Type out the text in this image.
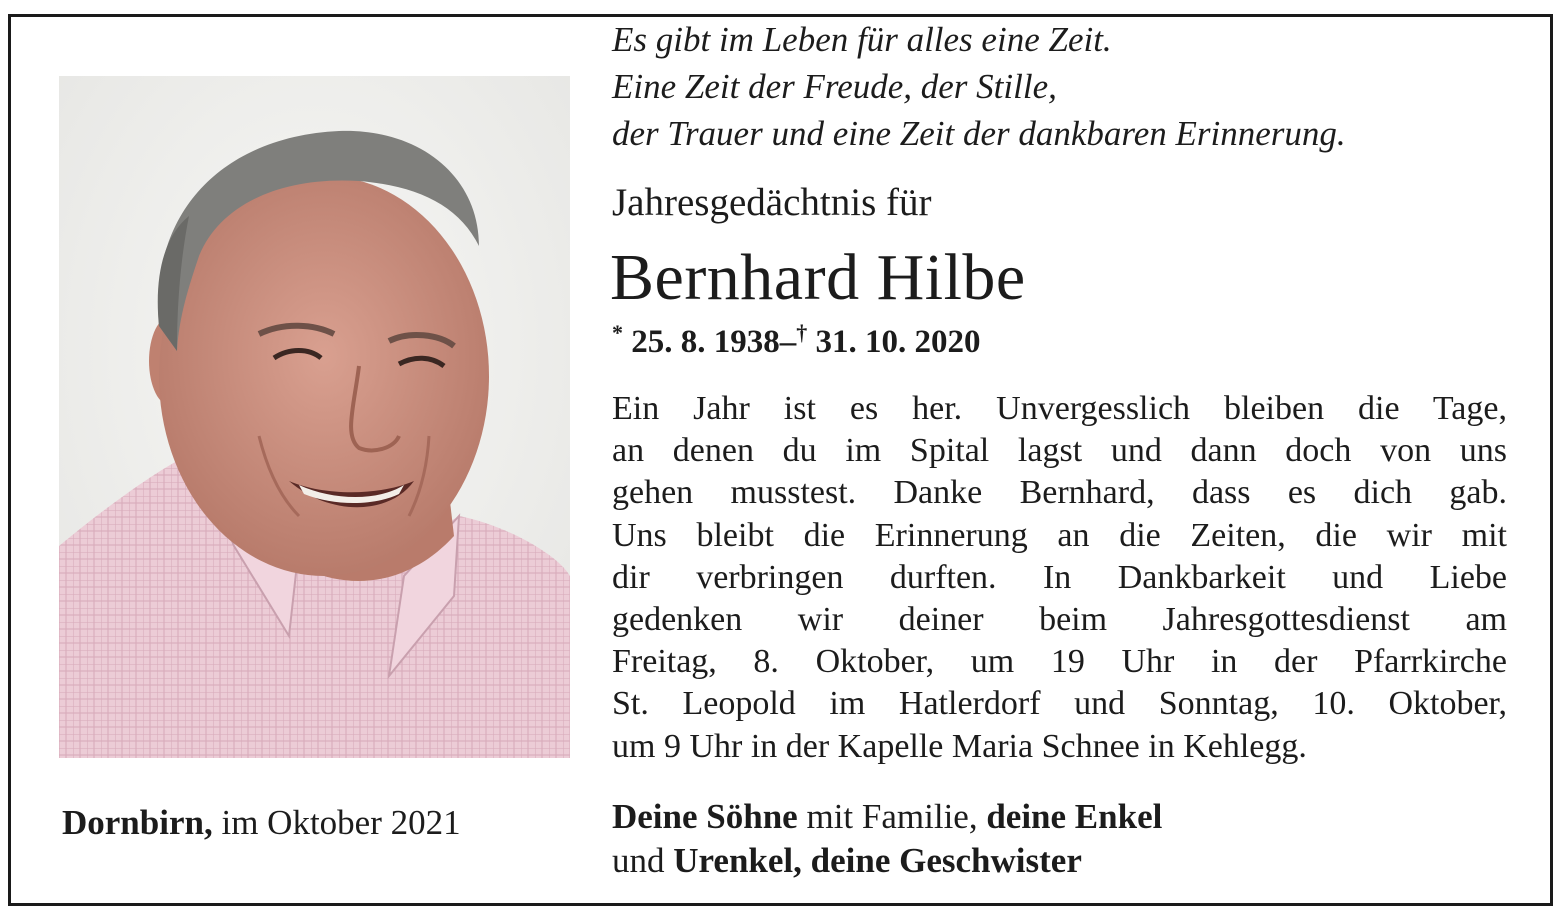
Es gibt im Leben für alles eine Zeit.
Eine Zeit der Freude, der Stille,
der Trauer und eine Zeit der dankbaren Erinnerung.
Jahresgedächtnis für
Bernhard Hilbe
* 25. 8. 1938–† 31. 10. 2020
Ein Jahr ist es her. Unvergesslich bleiben die Tage,
an denen du im Spital lagst und dann doch von uns
gehen musstest. Danke Bernhard, dass es dich gab.
Uns bleibt die Erinnerung an die Zeiten, die wir mit
dir verbringen durften. In Dankbarkeit und Liebe
gedenken wir deiner beim Jahresgottesdienst am
Freitag, 8. Oktober, um 19 Uhr in der Pfarrkirche
St. Leopold im Hatlerdorf und Sonntag, 10. Oktober,
um 9 Uhr in der Kapelle Maria Schnee in Kehlegg.
Dornbirn, im Oktober 2021	Deine Söhne mit Familie, deine Enkel
und Urenkel, deine Geschwister
